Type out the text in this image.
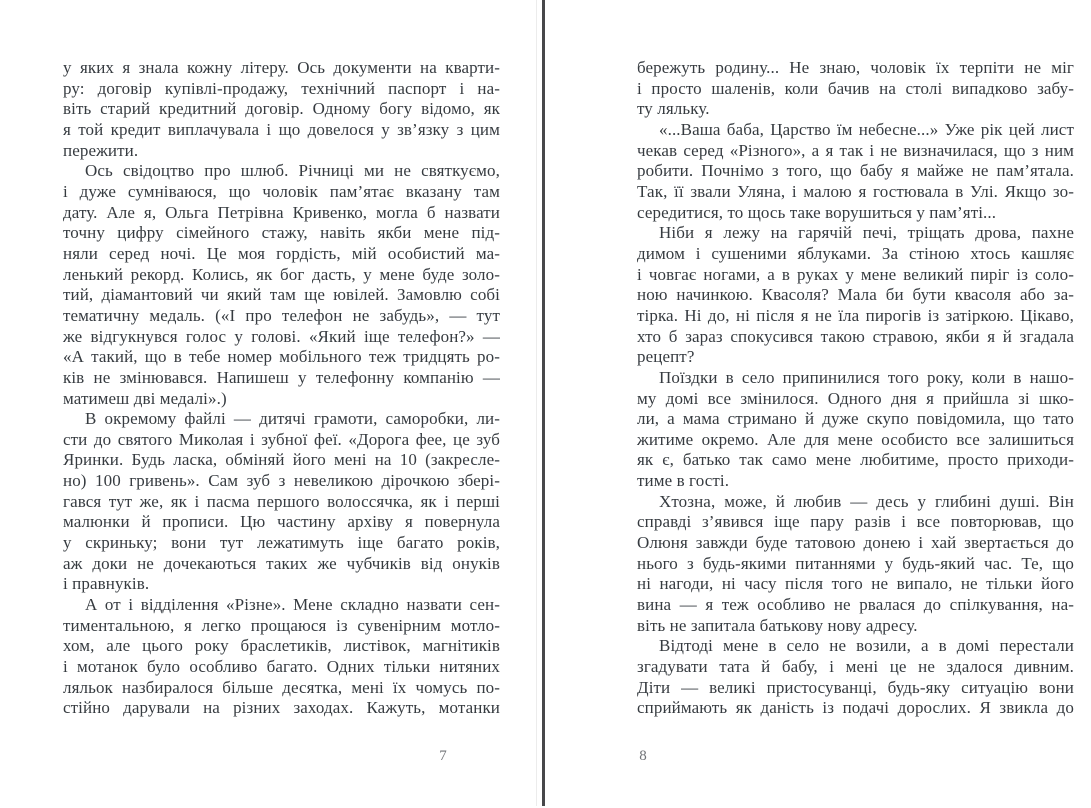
у яких я знала кожну літеру. Ось документи на кварти-
ру: договір купівлі-продажу, технічний паспорт і на-
віть старий кредитний договір. Одному богу відомо, як
я той кредит виплачувала і що довелося у зв’язку з цим
пережити.
Ось свідоцтво про шлюб. Річниці ми не святкуємо,
і дуже сумніваюся, що чоловік пам’ятає вказану там
дату. Але я, Ольга Петрівна Кривенко, могла б назвати
точну цифру сімейного стажу, навіть якби мене під-
няли серед ночі. Це моя гордість, мій особистий ма-
ленький рекорд. Колись, як бог дасть, у мене буде золо-
тий, діамантовий чи який там ще ювілей. Замовлю собі
тематичну медаль. («І про телефон не забудь», — тут
же відгукнувся голос у голові. «Який іще телефон?» —
«А такий, що в тебе номер мобільного теж тридцять ро-
ків не змінювався. Напишеш у телефонну компанію —
матимеш дві медалі».)
В окремому файлі — дитячі грамоти, саморобки, ли-
сти до святого Миколая і зубної феї. «Дорога фее, це зуб
Яринки. Будь ласка, обміняй його мені на 10 (закресле-
но) 100 гривень». Сам зуб з невеликою дірочкою збері-
гався тут же, як і пасма першого волоссячка, як і перші
малюнки й прописи. Цю частину архіву я повернула
у скриньку; вони тут лежатимуть іще багато років,
аж доки не дочекаються таких же чубчиків від онуків
і правнуків.
А от і відділення «Різне». Мене складно назвати сен-
тиментальною, я легко прощаюся із сувенірним мотло-
хом, але цього року браслетиків, листівок, магнітиків
і мотанок було особливо багато. Одних тільки нитяних
ляльок назбиралося більше десятка, мені їх чомусь по-
стійно дарували на різних заходах. Кажуть, мотанки
7
бережуть родину... Не знаю, чоловік їх терпіти не міг
і просто шаленів, коли бачив на столі випадково забу-
ту ляльку.
«...Ваша баба, Царство їм небесне...» Уже рік цей лист
чекав серед «Різного», а я так і не визначилася, що з ним
робити. Почнімо з того, що бабу я майже не пам’ятала.
Так, її звали Уляна, і малою я гостювала в Улі. Якщо зо-
середитися, то щось таке ворушиться у пам’яті...
Ніби я лежу на гарячій печі, тріщать дрова, пахне
димом і сушеними яблуками. За стіною хтось кашляє
і човгає ногами, а в руках у мене великий пиріг із соло-
ною начинкою. Квасоля? Мала би бути квасоля або за-
тірка. Ні до, ні після я не їла пирогів із затіркою. Цікаво,
хто б зараз спокусився такою стравою, якби я й згадала
рецепт?
Поїздки в село припинилися того року, коли в нашо-
му домі все змінилося. Одного дня я прийшла зі шко-
ли, а мама стримано й дуже скупо повідомила, що тато
житиме окремо. Але для мене особисто все залишиться
як є, батько так само мене любитиме, просто приходи-
тиме в гості.
Хтозна, може, й любив — десь у глибині душі. Він
справді з’явився іще пару разів і все повторював, що
Олюня завжди буде татовою донею і хай звертається до
нього з будь-якими питаннями у будь-який час. Те, що
ні нагоди, ні часу після того не випало, не тільки його
вина — я теж особливо не рвалася до спілкування, на-
віть не запитала батькову нову адресу.
Відтоді мене в село не возили, а в домі перестали
згадувати тата й бабу, і мені це не здалося дивним.
Діти — великі пристосуванці, будь-яку ситуацію вони
сприймають як даність із подачі дорослих. Я звикла до
8
